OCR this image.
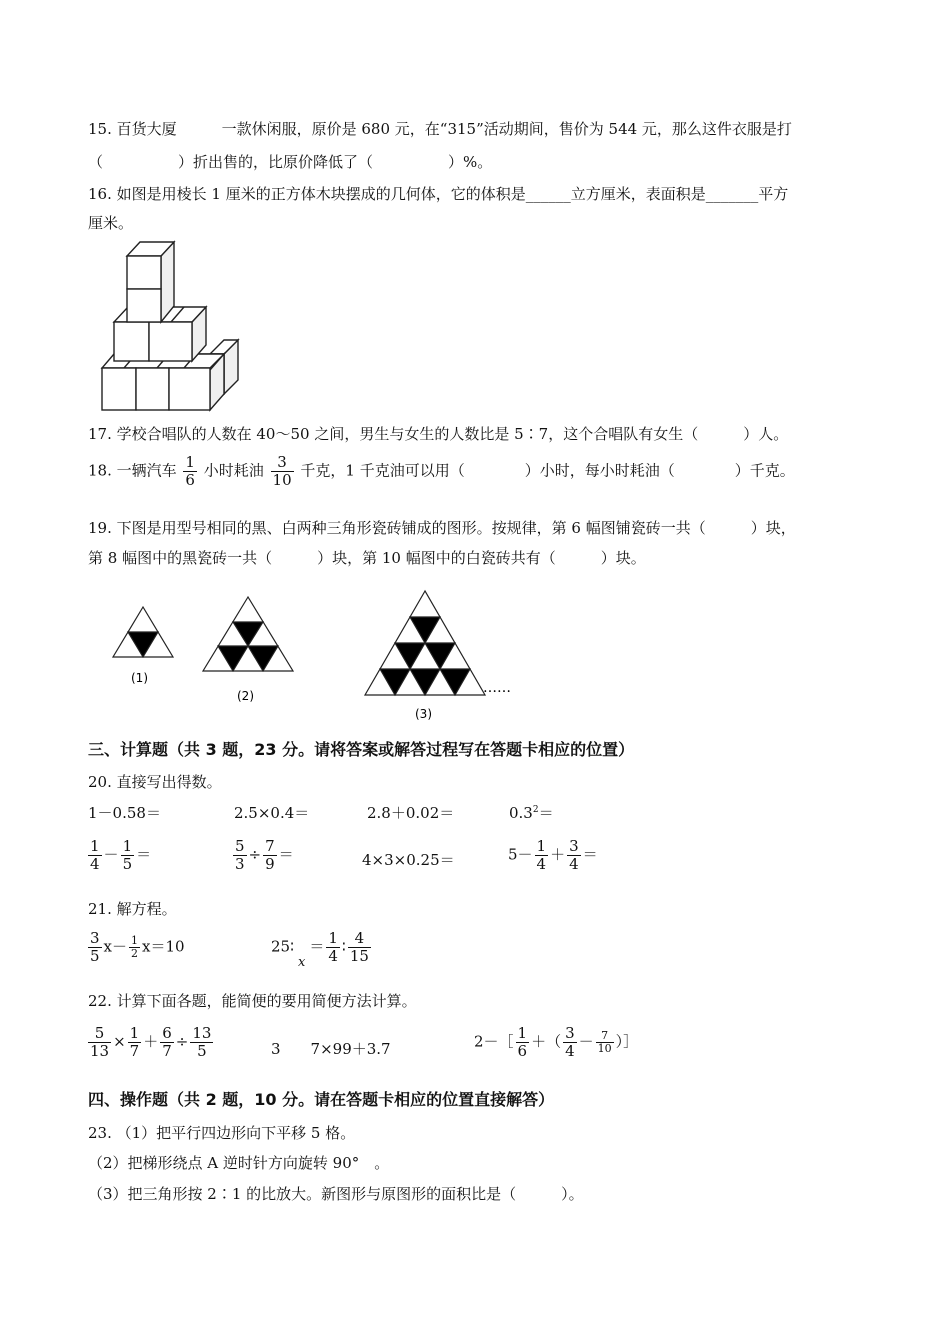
15. 百货大厦　　　一款休闲服，原价是 680 元，在“315”活动期间，售价为 544 元，那么这件衣服是打
（　　　　　）折出售的，比原价降低了（　　　　　）%。
16. 如图是用棱长 1 厘米的正方体木块摆成的几何体，它的体积是______立方厘米，表面积是_______平方
厘米。
17. 学校合唱队的人数在 40～50 之间，男生与女生的人数比是 5∶7，这个合唱队有女生（　　　）人。
18. 一辆汽车 $\frac{1}{6}$ 小时耗油 $\frac{3}{10}$ 千克，1 千克油可以用（　　　　）小时，每小时耗油（　　　　）千克。
19. 下图是用型号相同的黑、白两种三角形瓷砖铺成的图形。按规律，第 6 幅图铺瓷砖一共（　　　）块，
第 8 幅图中的黑瓷砖一共（　　　）块，第 10 幅图中的白瓷砖共有（　　　）块。
(1)
(2)
(3)
……
三、计算题（共 3 题，23 分。请将答案或解答过程写在答题卡相应的位置）
20. 直接写出得数。
1－0.58＝	2.5×0.4＝	2.8＋0.02＝	$0.3^2=$
$\frac{1}{4} - \frac{1}{5}$ ＝	$\frac{5}{3} \div \frac{7}{9}$ ＝	4×3×0.25＝	$5- \frac{1}{4} + \frac{3}{4}$ ＝
21. 解方程。
$\frac{3}{5} x- \frac{1}{2} x=10$	25∶x＝ $\frac{1}{4}$ ∶ $\frac{4}{15}$
22. 计算下面各题，能简便的要用简便方法计算。
$\frac{5}{13} \times \frac{1}{7} + \frac{6}{7} \div \frac{13}{5}$	3　　7×99＋3.7	2－［ $\frac{1}{6}$ ＋（ $\frac{3}{4} - \frac{7}{10}$ ）］
四、操作题（共 2 题，10 分。请在答题卡相应的位置直接解答）
23. （1）把平行四边形向下平移 5 格。
（2）把梯形绕点 A 逆时针方向旋转 90°　。
（3）把三角形按 2∶1 的比放大。新图形与原图形的面积比是（　　　）。
